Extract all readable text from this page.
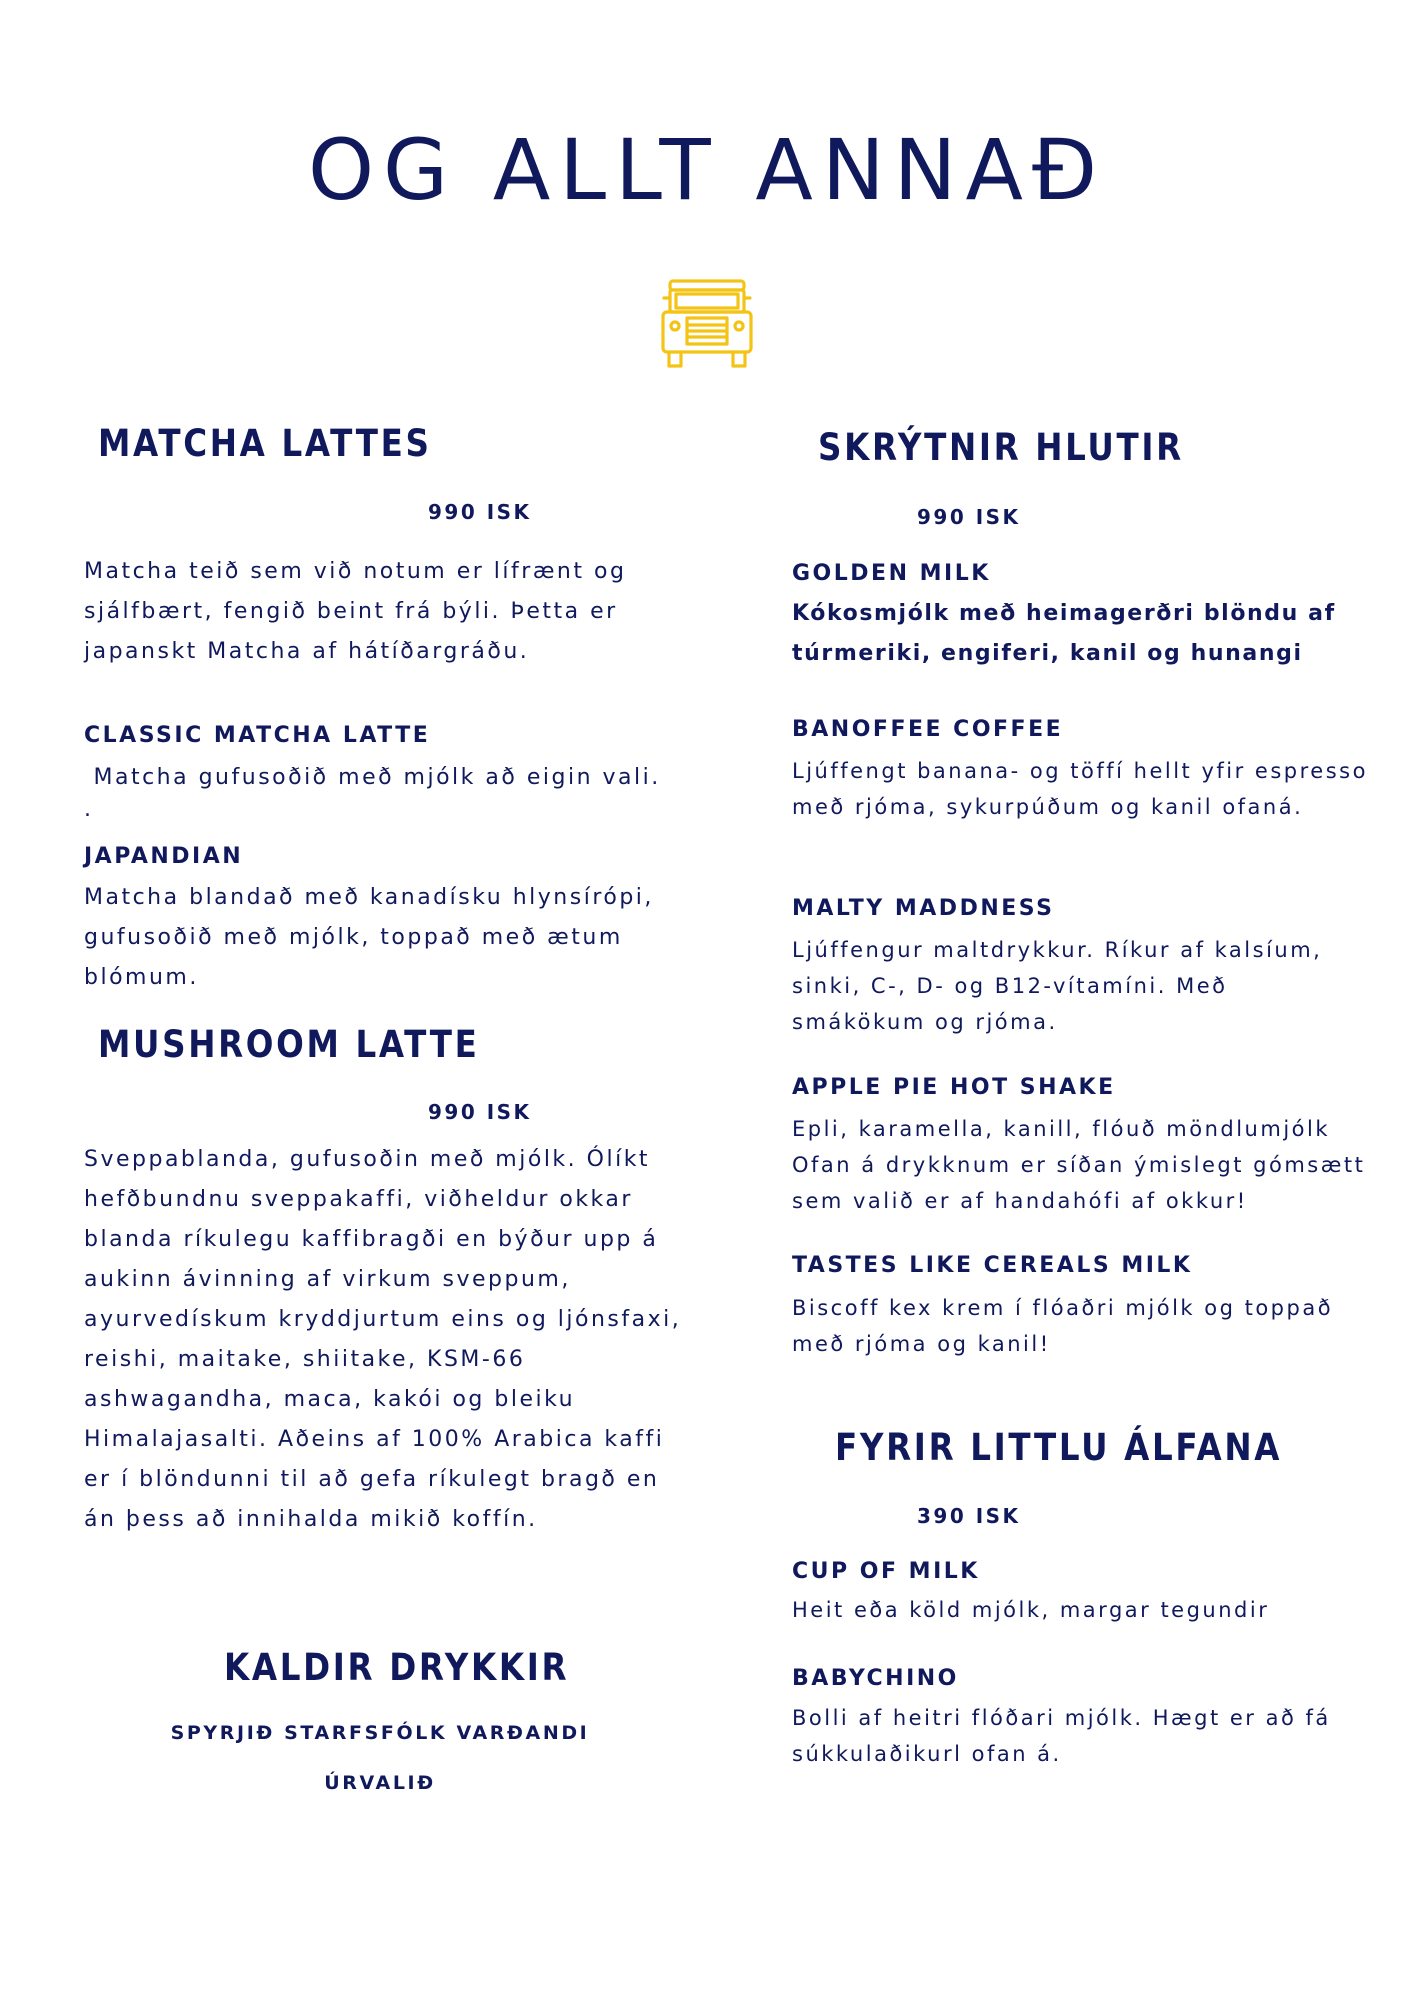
OG ALLT ANNAÐ
MATCHA LATTES
990 ISK

Matcha teið sem við notum er lífrænt og sjálfbært, fengið beint frá býli. Þetta er japanskt Matcha af hátíðargráðu.

CLASSIC MATCHA LATTE

Matcha gufusoðið með mjólk að eigin vali.

.
JAPANDIAN

Matcha blandað með kanadísku hlynsírópi, gufusoðið með mjólk, toppað með ætum blómum.

MUSHROOM LATTE
990 ISK

Sveppablanda, gufusoðin með mjólk. Ólíkt hefðbundnu sveppakaffi, viðheldur okkar blanda ríkulegu kaffibragði en býður upp á aukinn ávinning af virkum sveppum, ayurvedískum kryddjurtum eins og ljónsfaxi, reishi, maitake, shiitake, KSM-66 ashwagandha, maca, kakói og bleiku Himalajasalti. Aðeins af 100% Arabica kaffi er í blöndunni til að gefa ríkulegt bragð en án þess að innihalda mikið koffín.

KALDIR DRYKKIR
SPYRJIÐ STARFSFÓLK VARÐANDI
ÚRVALIÐ
SKRÝTNIR HLUTIR
990 ISK
GOLDEN MILK

Kókosmjólk með heimagerðri blöndu af túrmeriki, engiferi, kanil og hunangi

BANOFFEE COFFEE

Ljúffengt banana- og töffí hellt yfir espresso með rjóma, sykurpúðum og kanil ofaná.

MALTY MADDNESS

Ljúffengur maltdrykkur. Ríkur af kalsíum, sinki, C-, D- og B12-vítamíni. Með smákökum og rjóma.

APPLE PIE HOT SHAKE

Epli, karamella, kanill, flóuð möndlumjólk Ofan á drykknum er síðan ýmislegt gómsætt sem valið er af handahófi af okkur!

TASTES LIKE CEREALS MILK

Biscoff kex krem í flóaðri mjólk og toppað með rjóma og kanil!

FYRIR LITTLU ÁLFANA
390 ISK
CUP OF MILK

Heit eða köld mjólk, margar tegundir

BABYCHINO

Bolli af heitri flóðari mjólk. Hægt er að fá súkkulaðikurl ofan á.
